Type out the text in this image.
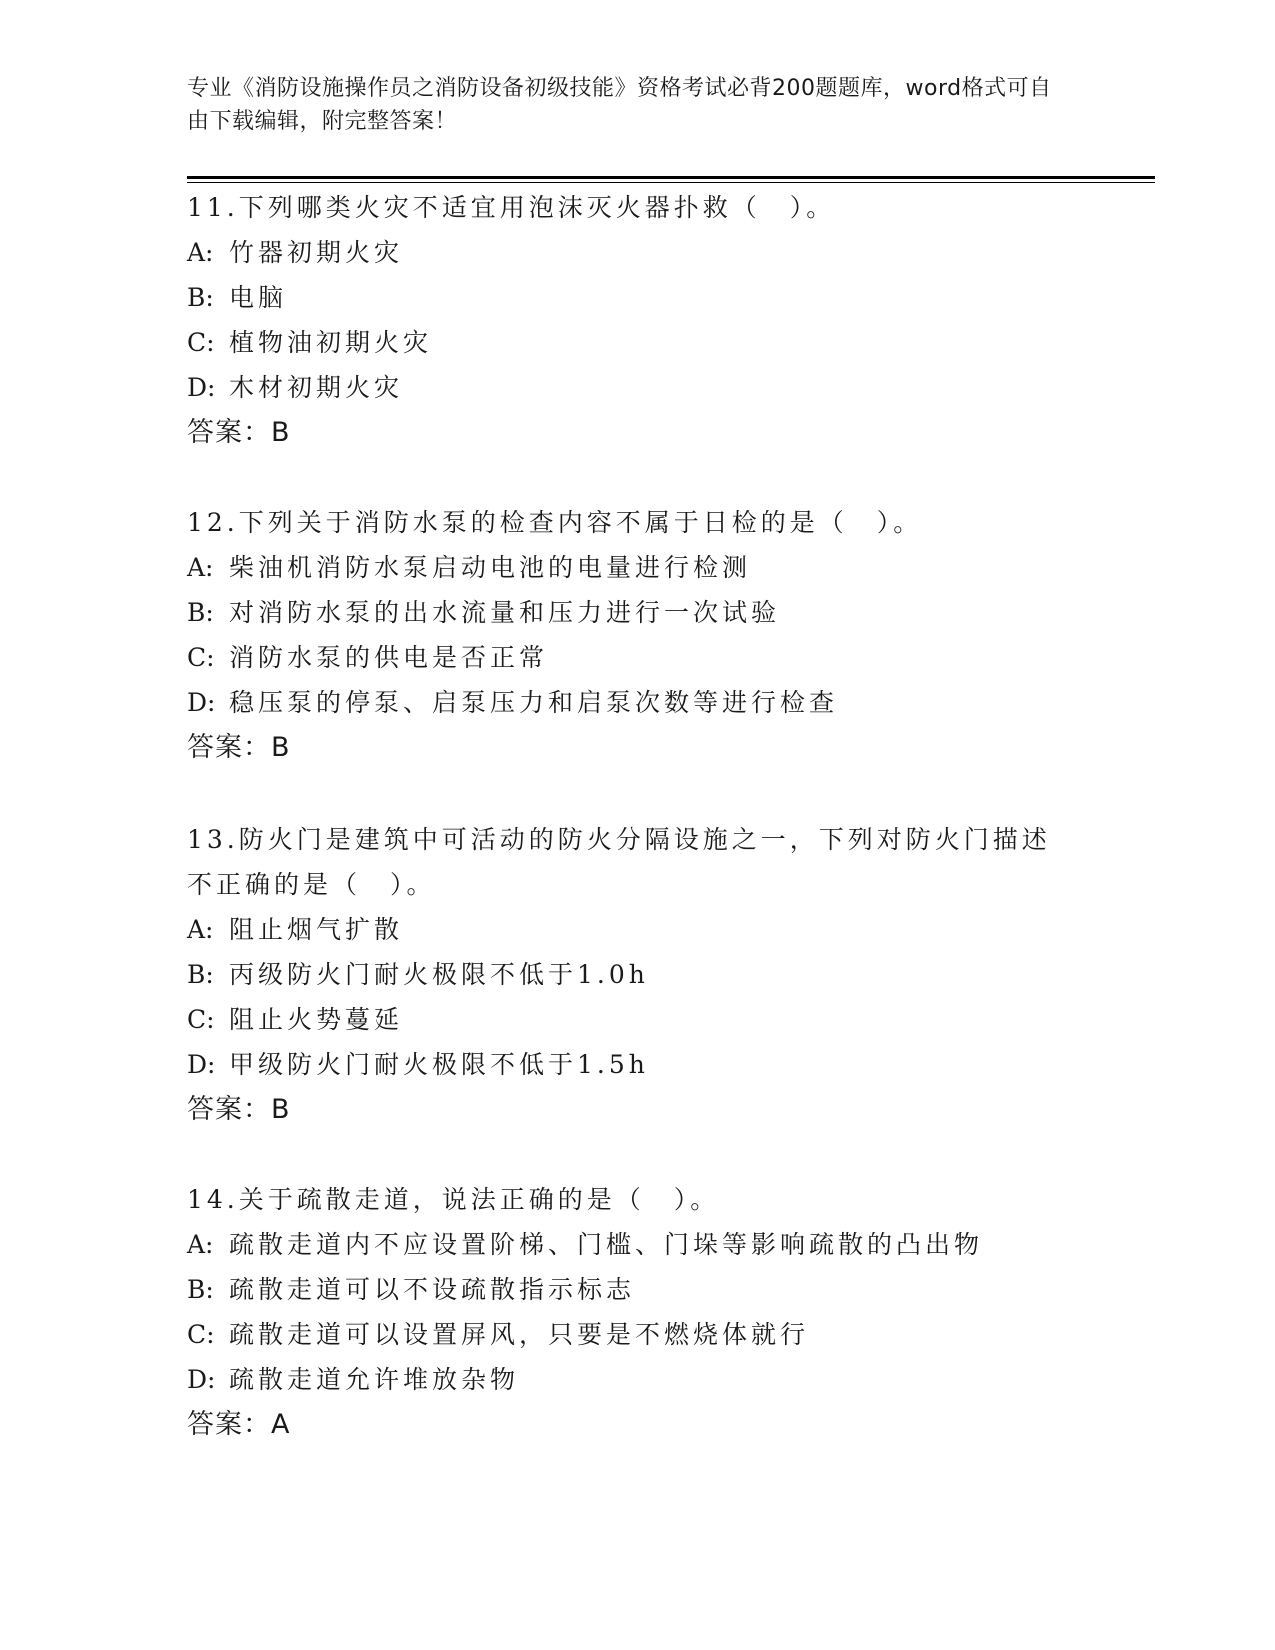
专业《消防设施操作员之消防设备初级技能》资格考试必背200题题库，word格式可自由下载编辑，附完整答案！

11.下列哪类火灾不适宜用泡沫灭火器扑救（　）。

A: 竹器初期火灾

B: 电脑

C: 植物油初期火灾

D: 木材初期火灾

答案：B

12.下列关于消防水泵的检查内容不属于日检的是（　）。

A: 柴油机消防水泵启动电池的电量进行检测

B: 对消防水泵的出水流量和压力进行一次试验

C: 消防水泵的供电是否正常

D: 稳压泵的停泵、启泵压力和启泵次数等进行检查

答案：B

13.防火门是建筑中可活动的防火分隔设施之一，下列对防火门描述不正确的是（　）。

A: 阻止烟气扩散

B: 丙级防火门耐火极限不低于1.0h

C: 阻止火势蔓延

D: 甲级防火门耐火极限不低于1.5h

答案：B

14.关于疏散走道，说法正确的是（　）。

A: 疏散走道内不应设置阶梯、门槛、门垛等影响疏散的凸出物

B: 疏散走道可以不设疏散指示标志

C: 疏散走道可以设置屏风，只要是不燃烧体就行

D: 疏散走道允许堆放杂物

答案：A
